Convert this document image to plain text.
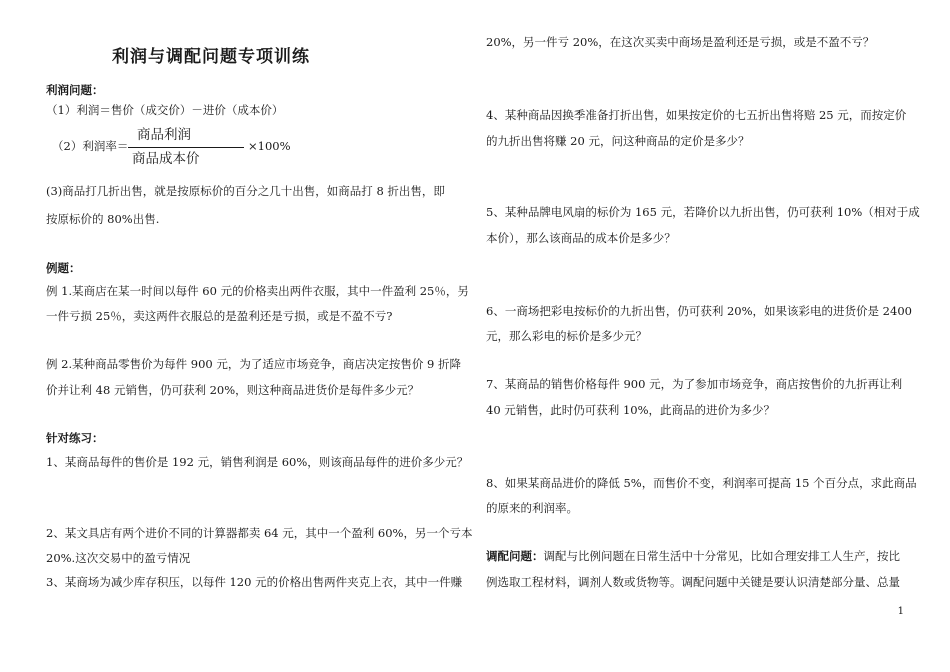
利润与调配问题专项训练
利润问题：
（1）利润＝售价（成交价）－进价（成本价）
（2）利润率＝
商品利润
商品成本价
×100%
(3)商品打几折出售，就是按原标价的百分之几十出售，如商品打 8 折出售，即
按原标价的 80%出售.
例题：
例 1.某商店在某一时间以每件 60 元的价格卖出两件衣服，其中一件盈利 25％，另
一件亏损 25％，卖这两件衣服总的是盈利还是亏损，或是不盈不亏?
例 2.某种商品零售价为每件 900 元，为了适应市场竞争，商店决定按售价 9 折降
价并让利 48 元销售，仍可获利 20%，则这种商品进货价是每件多少元？
针对练习：
1、某商品每件的售价是 192 元，销售利润是 60%，则该商品每件的进价多少元？
2、某文具店有两个进价不同的计算器都卖 64 元，其中一个盈利 60%，另一个亏本
20%.这次交易中的盈亏情况
3、某商场为减少库存积压，以每件 120 元的价格出售两件夹克上衣，其中一件赚
20%，另一件亏 20%，在这次买卖中商场是盈利还是亏损，或是不盈不亏？
4、某种商品因换季准备打折出售，如果按定价的七五折出售将赔 25 元，而按定价
的九折出售将赚 20 元，问这种商品的定价是多少？
5、某种品牌电风扇的标价为 165 元，若降价以九折出售，仍可获利 10%（相对于成
本价），那么该商品的成本价是多少？
6、一商场把彩电按标价的九折出售，仍可获利 20%，如果该彩电的进货价是 2400
元，那么彩电的标价是多少元？
7、某商品的销售价格每件 900 元，为了参加市场竞争，商店按售价的九折再让利
40 元销售，此时仍可获利 10%，此商品的进价为多少？
8、如果某商品进价的降低 5%，而售价不变，利润率可提高 15 个百分点，求此商品
的原来的利润率。
调配问题：调配与比例问题在日常生活中十分常见，比如合理安排工人生产，按比
例选取工程材料，调剂人数或货物等。调配问题中关键是要认识清楚部分量、总量
1
